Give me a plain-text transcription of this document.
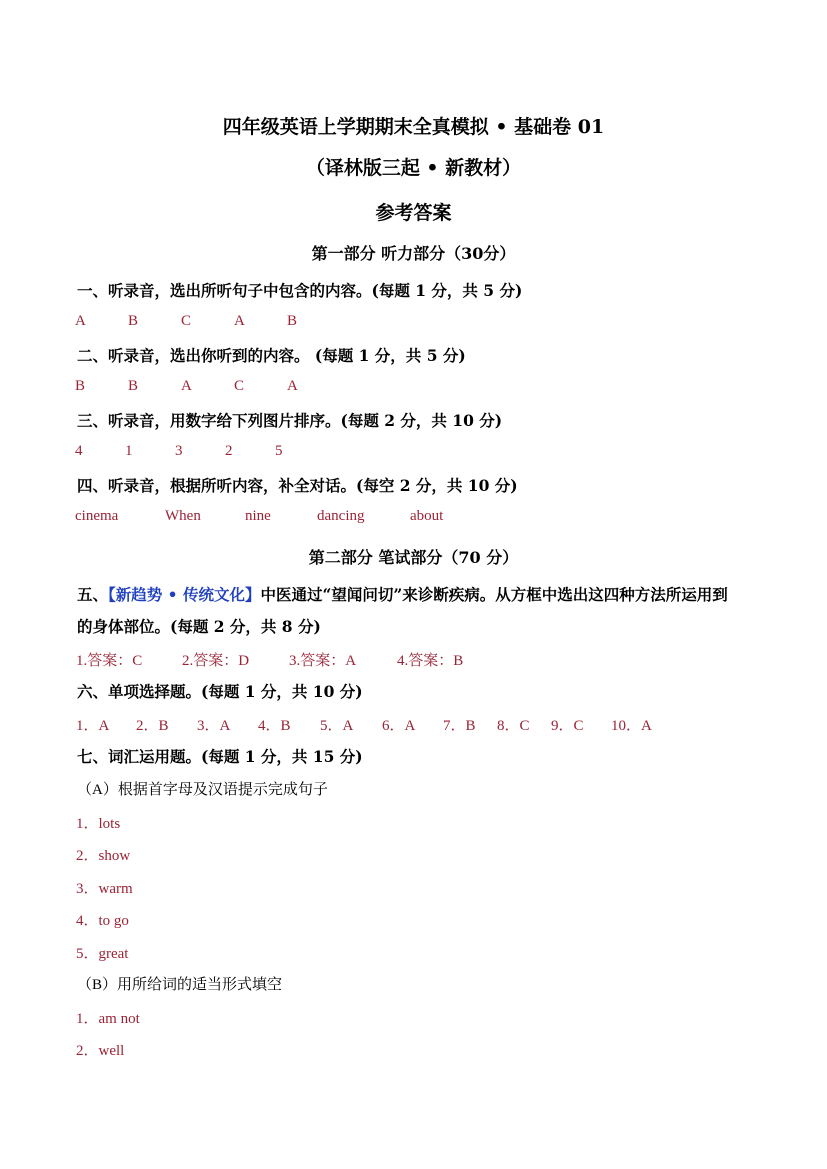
四年级英语上学期期末全真模拟 • 基础卷 01
（译林版三起 • 新教材）
参考答案
第一部分 听力部分（30分）
一、听录音，选出所听句子中包含的内容。(每题 1 分，共 5 分)
A	B	C	A	B
二、听录音，选出你听到的内容。 (每题 1 分，共 5 分)
B	B	A	C	A
三、听录音，用数字给下列图片排序。(每题 2 分，共 10 分)
4	1	3	2	5
四、听录音，根据所听内容，补全对话。(每空 2 分，共 10 分)
cinema	When	nine	dancing	about
第二部分 笔试部分（70 分）
五、【新趋势 • 传统文化】中医通过“望闻问切”来诊断疾病。从方框中选出这四种方法所运用到
的身体部位。(每题 2 分，共 8 分)
1.答案：C	2.答案：D	3.答案：A	4.答案：B
六、单项选择题。(每题 1 分，共 10 分)
1．A 2．B 3．A 4．B 5．A 6．A 7．B 8．C 9．C 10．A
七、词汇运用题。(每题 1 分，共 15 分)
（A）根据首字母及汉语提示完成句子
1．lots
2．show
3．warm
4．to go
5．great
（B）用所给词的适当形式填空
1．am not
2．well
